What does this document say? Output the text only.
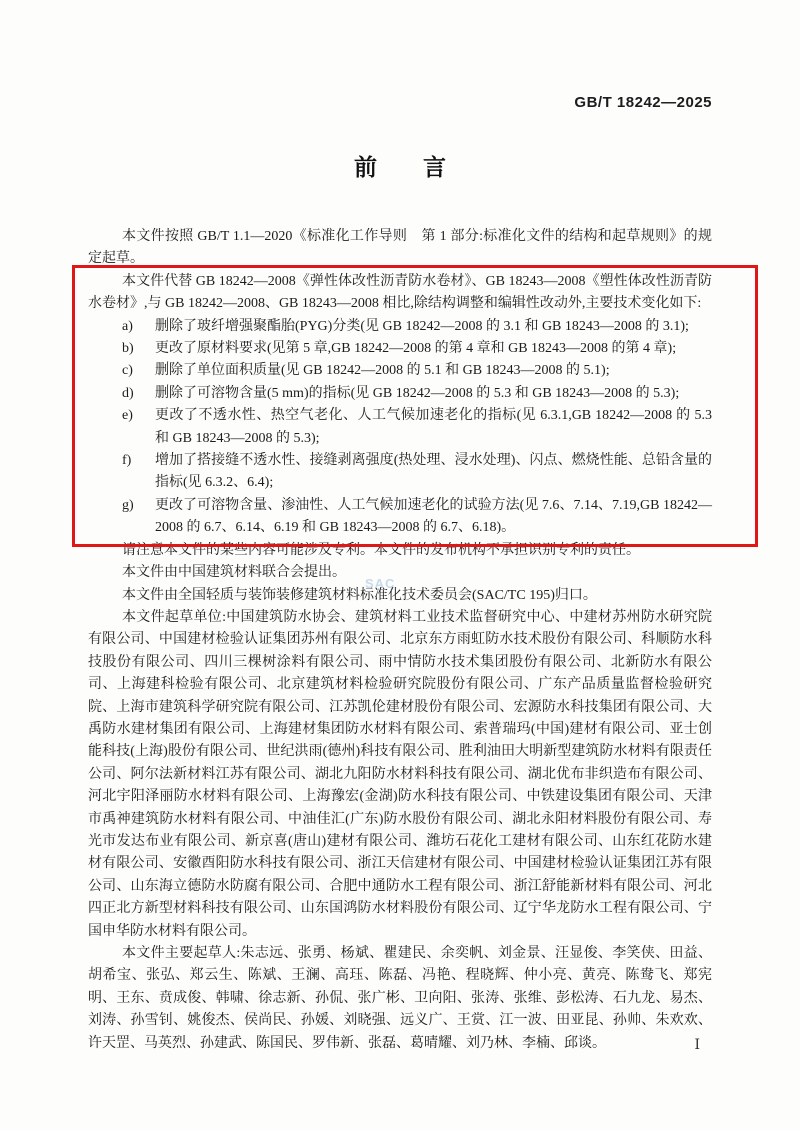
GB/T 18242—2025
前　　言

本文件按照 GB/T 1.1—2020《标准化工作导则　第 1 部分:标准化文件的结构和起草规则》的规定起草。

本文件代替 GB 18242—2008《弹性体改性沥青防水卷材》、GB 18243—2008《塑性体改性沥青防水卷材》,与 GB 18242—2008、GB 18243—2008 相比,除结构调整和编辑性改动外,主要技术变化如下:

a) 删除了玻纤增强聚酯胎(PYG)分类(见 GB 18242—2008 的 3.1 和 GB 18243—2008 的 3.1);
b) 更改了原材料要求(见第 5 章,GB 18242—2008 的第 4 章和 GB 18243—2008 的第 4 章);
c) 删除了单位面积质量(见 GB 18242—2008 的 5.1 和 GB 18243—2008 的 5.1);
d) 删除了可溶物含量(5 mm)的指标(见 GB 18242—2008 的 5.3 和 GB 18243—2008 的 5.3);
e) 更改了不透水性、热空气老化、人工气候加速老化的指标(见 6.3.1,GB 18242—2008 的 5.3 和 GB 18243—2008 的 5.3);
f) 增加了搭接缝不透水性、接缝剥离强度(热处理、浸水处理)、闪点、燃烧性能、总铅含量的指标(见 6.3.2、6.4);
g) 更改了可溶物含量、渗油性、人工气候加速老化的试验方法(见 7.6、7.14、7.19,GB 18242—2008 的 6.7、6.14、6.19 和 GB 18243—2008 的 6.7、6.18)。

请注意本文件的某些内容可能涉及专利。本文件的发布机构不承担识别专利的责任。

本文件由中国建筑材料联合会提出。

本文件由全国轻质与装饰装修建筑材料标准化技术委员会(SAC/TC 195)归口。

本文件起草单位:中国建筑防水协会、建筑材料工业技术监督研究中心、中建材苏州防水研究院有限公司、中国建材检验认证集团苏州有限公司、北京东方雨虹防水技术股份有限公司、科顺防水科技股份有限公司、四川三棵树涂料有限公司、雨中情防水技术集团股份有限公司、北新防水有限公司、上海建科检验有限公司、北京建筑材料检验研究院股份有限公司、广东产品质量监督检验研究院、上海市建筑科学研究院有限公司、江苏凯伦建材股份有限公司、宏源防水科技集团有限公司、大禹防水建材集团有限公司、上海建材集团防水材料有限公司、索普瑞玛(中国)建材有限公司、亚士创能科技(上海)股份有限公司、世纪洪雨(德州)科技有限公司、胜利油田大明新型建筑防水材料有限责任公司、阿尔法新材料江苏有限公司、湖北九阳防水材料科技有限公司、湖北优布非织造布有限公司、河北宇阳泽丽防水材料有限公司、上海豫宏(金湖)防水科技有限公司、中铁建设集团有限公司、天津市禹神建筑防水材料有限公司、中油佳汇(广东)防水股份有限公司、湖北永阳材料股份有限公司、寿光市发达布业有限公司、新京喜(唐山)建材有限公司、潍坊石花化工建材有限公司、山东红花防水建材有限公司、安徽酉阳防水科技有限公司、浙江天信建材有限公司、中国建材检验认证集团江苏有限公司、山东海立德防水防腐有限公司、合肥中通防水工程有限公司、浙江舒能新材料有限公司、河北四正北方新型材料科技有限公司、山东国鸿防水材料股份有限公司、辽宁华龙防水工程有限公司、宁国申华防水材料有限公司。

本文件主要起草人:朱志远、张勇、杨斌、瞿建民、余奕帆、刘金景、汪显俊、李笑侠、田益、胡希宝、张弘、郑云生、陈斌、王澜、高珏、陈磊、冯艳、程晓辉、仲小亮、黄亮、陈鸯飞、郑宪明、王东、贲成俊、韩啸、徐志新、孙侃、张广彬、卫向阳、张涛、张维、彭松涛、石九龙、易杰、刘涛、孙雪钊、姚俊杰、侯尚民、孙媛、刘晓强、远义广、王赏、江一波、田亚昆、孙帅、朱欢欢、许天罡、马英烈、孙建武、陈国民、罗伟新、张磊、葛晴耀、刘乃林、李楠、邱谈。

SAC
Ⅰ
